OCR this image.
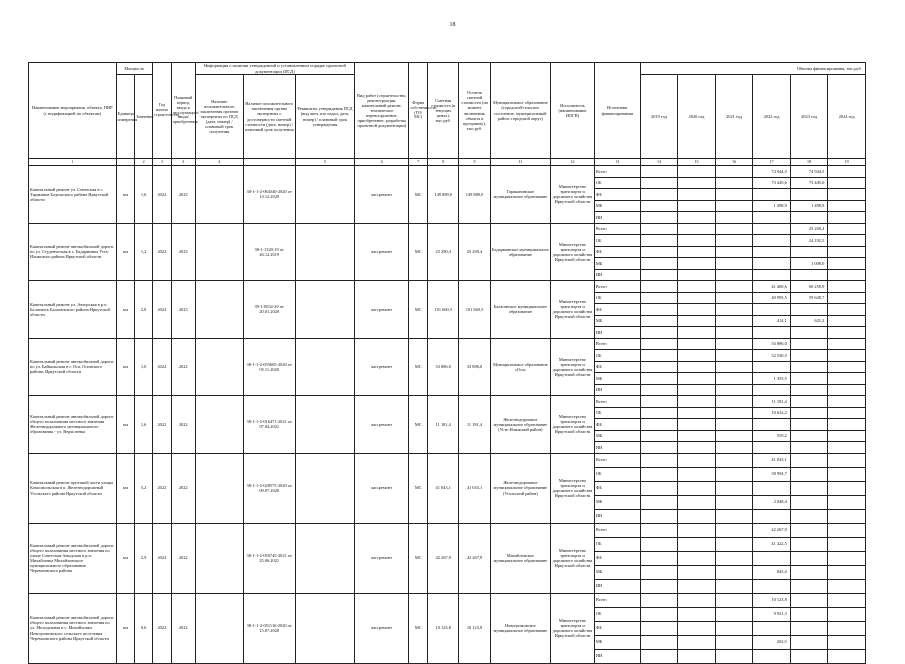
18
Наименование мероприятия, объекта, ПИР (с индификацией по объектам)	Мощность		Год начала строительства	Плановый период ввода в эксплуатацию/ввода/приобретения	Информация о наличии утвержденной и установленном порядке проектной документации (ПСД)			Вид работ (строительство, реконструкция, капитальный ремонт, техническое перевооружение, приобретение, разработка проектной документации)	Форма собственности (ГО/МС)	Сметная стоимость (в текущих ценах), тыс.руб.	Остаток сметной стоимости (на момент включения объекта в программу), тыс.руб.	Муниципальное образование (городской/сельское поселение, муниципальный район, городской округ)	Исполнитель (наименование ИОГВ)	Источники финансирования	Объемы финансирования, тыс.руб.					
	Единица измерения	Значение			Наличие положительного заключения органов экспертизы по ПСД (дата, номер) / плановый срок получения	Наличие положительного заключения органа экспертизы о достоверности сметной стоимости (дата, номер) / плановый срок получения	Реквизиты утверждения ПСД (вид акта, кто издал, дата, номер) / плановый срок утверждения								2019 год	2020 год	2021 год	2022 год	2023 год	2024 год
1		2	3	3	4		5	6	7	8	9	11	12	13	14	15	16	17	18	19
Капитальный ремонт ул. Сенатская в с. Тараканов Бедельского района Иркутской области	км	1,6	2022	2023		38-1-1-2-064540-2020 от 14.12.2020		кап.ремонт	МС	149 889,0	149 889,0	Тараканинское муниципальное образование	Министерство транспорта и дорожного хозяйства Иркутской области	Всего				74 944,5	74 944,5	
														ОБ				73 445,6	73 445,6	
														ФБ						
														МБ				1 498,9	1 498,9	
														ИИ						
Капитальный ремонт автомобильной дороги по ул. Студенческая в с. Бадарминка Усть-Илимского района Иркутской области	км	1,2	2022	2023		38-1-1320-19 от 26.12.2019		кап.ремонт	МС	25 290,4	25 200,4	Бадарминское муниципальное образование	Министерство транспорта и дорожного хозяйства Иркутской области	Всего					25 200,4	
														ОБ					24 192,5	
														ФБ						
														МБ					1 008,0	
														ИИ						
Капитальный ремонт ул. Авторская в р.п. Балаганск Балаганского района Иркутской области	км	2,8	2022	2023		39-1-0032-20 от 20.01.2020		кап.ремонт	МС	101 660,5	101 660,5	Балаганское муниципальное образование	Министерство транспорта и дорожного хозяйства Иркутской области	Всего				41 400,6	60 259,9	
														ОБ				40 995,5	59 628,7	
														ФБ						
														МБ				414,1	621,2	
														ИИ						
Капитальный ремонт автомобильной дороги по ул. Байкальская в г. Оса, Осинского района, Иркутской области	км	1,0	2022	2022		38-1-1-2-055605-2020 от 05.11.2020		кап.ремонт	МС	33 886,0	33 886,0	Муниципальное образование «Оса»	Министерство транспорта и дорожного хозяйства Иркутской области	Всего				33 886,0		
														ОБ				32 530,5		
														ФБ						
														МБ				1 355,5		
														ИИ						
Капитальный ремонт автомобильной дороги общего пользования местного значения Железнодорожного муниципального образования - ул. Верхоленка	км	1,6	2022	2022		38-1-1-2-016471-2021 от 07.04.2021		кап.ремонт	МС	11 181,4	11 181,4	Железнодорожное муниципальное образование (Усть-Илимский район)	Министерство транспорта и дорожного хозяйства Иркутской области	Всего				11 181,4		
														ОБ				10 622,2		
														ФБ						
														МБ				559,2		
														ИИ						
Капитальный ремонт проезжей части улицы Комсомольская в п. Железнодорожный Усольского района Иркутской области	км	5,2	2022	2022		38-1-1-2-028575-2020 от 09.07.2020		кап.ремонт	МС	41 043,1	41 043,1	Железнодорожное муниципальное образование (Усольский район)	Министерство транспорта и дорожного хозяйства Иркутской области	Всего				41 043,1		
														ОБ				38 994,7		
														ФБ						
														МБ				2 048,4		
														ИИ						
Капитальный ремонт автомобильной дороги общего пользования местного значения по улице Советская-Заводская в р.п. Михайловка Михайловского муниципального образования Черемховского района	км	2,9	2022	2022		38-1-1-2-050745-2021 от 25.06.2021		кап.ремонт	МС	42 267,9	42 267,9	Михайловское муниципальное образование	Министерство транспорта и дорожного хозяйства Иркутской области	Всего				42 267,9		
														ОБ				41 422,5		
														ФБ						
														МБ				845,4		
														ИИ						
Капитальный ремонт автомобильной дороги общего пользования местного значения по ул. Молодежная в с. Михайловка Новогромовского сельского поселения Черемховского района Иркутской области	км	0,6	2022	2022		38-1-1-2-051116-2020 от 15.07.2020		кап.ремонт	МС	10 123,8	10 123,8	Новогромовское муниципальное образование	Министерство транспорта и дорожного хозяйства Иркутской области	Всего				10 123,8		
														ОБ				9 921,3		
														ФБ						
														МБ				202,5		
														ИИ						
